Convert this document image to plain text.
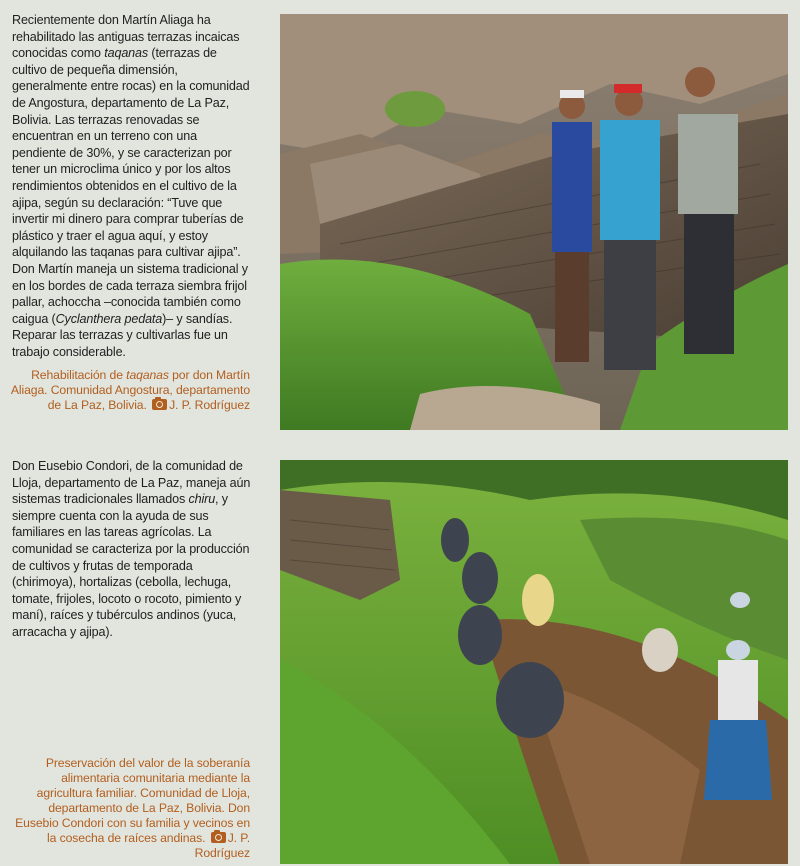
Recientemente don Martín Aliaga ha rehabilitado las antiguas terrazas incaicas conocidas como taqanas (terrazas de cultivo de pequeña dimensión, generalmente entre rocas) en la comunidad de Angostura, departamento de La Paz, Bolivia. Las terrazas renovadas se encuentran en un terreno con una pendiente de 30%, y se caracterizan por tener un microclima único y por los altos rendimientos obtenidos en el cultivo de la ajipa, según su declaración: “Tuve que invertir mi dinero para comprar tuberías de plástico y traer el agua aquí, y estoy alquilando las taqanas para cultivar ajipa”. Don Martín maneja un sistema tradicional y en los bordes de cada terraza siembra frijol pallar, achoccha –conocida también como caigua (Cyclanthera pedata)– y sandías. Reparar las terrazas y cultivarlas fue un trabajo considerable.

Rehabilitación de taqanas por don Martín Aliaga. Comunidad Angostura, departamento de La Paz, Bolivia. J. P. Rodríguez

Don Eusebio Condori, de la comunidad de Lloja, departamento de La Paz, maneja aún sistemas tradicionales llamados chiru, y siempre cuenta con la ayuda de sus familiares en las tareas agrícolas. La comunidad se caracteriza por la producción de cultivos y frutas de temporada (chirimoya), hortalizas (cebolla, lechuga, tomate, frijoles, locoto o rocoto, pimiento y maní), raíces y tubérculos andinos (yuca, arracacha y ajipa).

Preservación del valor de la soberanía alimentaria comunitaria mediante la agricultura familiar. Comunidad de Lloja, departamento de La Paz, Bolivia. Don Eusebio Condori con su familia y vecinos en la cosecha de raíces andinas. J. P. Rodríguez
